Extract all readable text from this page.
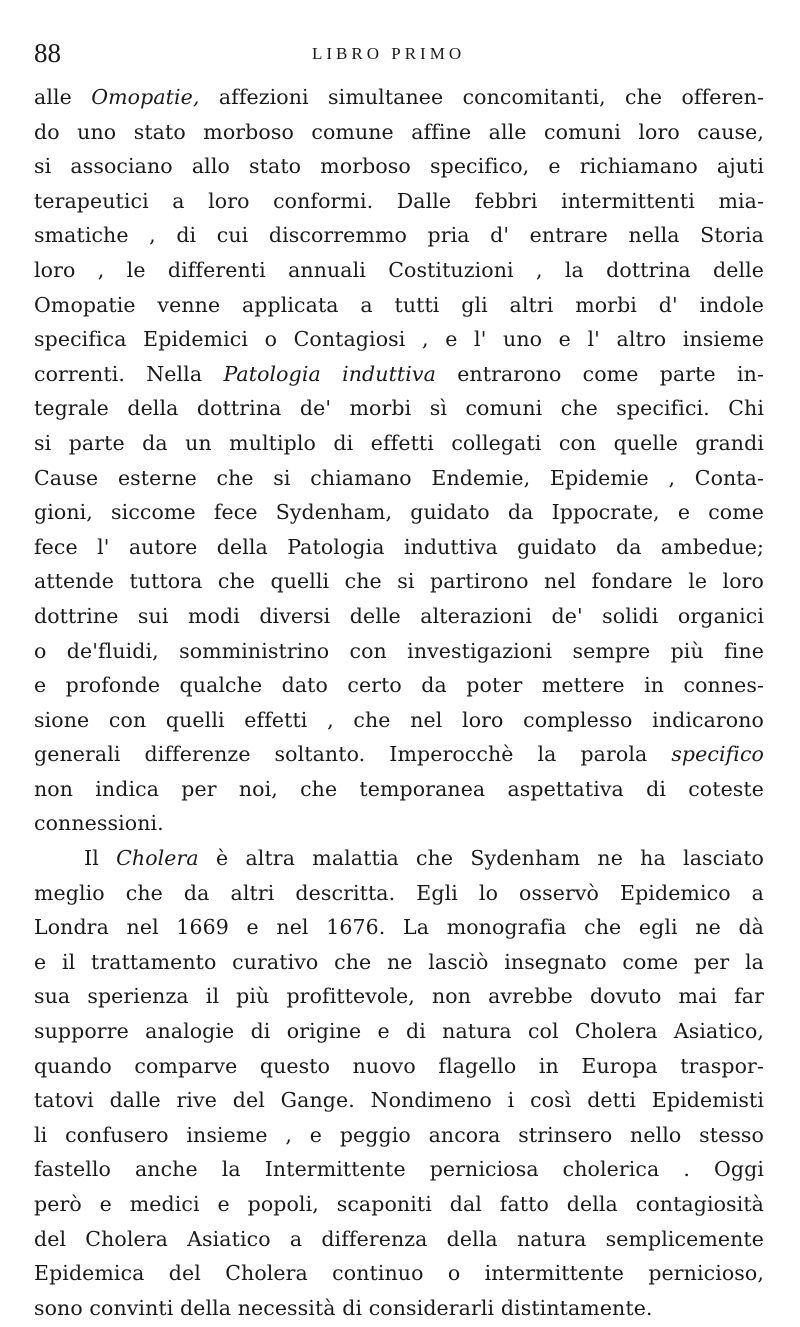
88	LIBRO PRIMO
alle Omopatie, affezioni simultanee concomitanti, che offeren-
do uno stato morboso comune affine alle comuni loro cause,
si associano allo stato morboso specifico, e richiamano ajuti
terapeutici a loro conformi. Dalle febbri intermittenti mia-
smatiche , di cui discorremmo pria d' entrare nella Storia
loro , le differenti annuali Costituzioni , la dottrina delle
Omopatie venne applicata a tutti gli altri morbi d' indole
specifica Epidemici o Contagiosi , e l' uno e l' altro insieme
correnti. Nella Patologia induttiva entrarono come parte in-
tegrale della dottrina de' morbi sì comuni che specifici. Chi
si parte da un multiplo di effetti collegati con quelle grandi
Cause esterne che si chiamano Endemie, Epidemie , Conta-
gioni, siccome fece Sydenham, guidato da Ippocrate, e come
fece l' autore della Patologia induttiva guidato da ambedue;
attende tuttora che quelli che si partirono nel fondare le loro
dottrine sui modi diversi delle alterazioni de' solidi organici
o de'fluidi, somministrino con investigazioni sempre più fine
e profonde qualche dato certo da poter mettere in connes-
sione con quelli effetti , che nel loro complesso indicarono
generali differenze soltanto. Imperocchè la parola specifico
non indica per noi, che temporanea aspettativa di coteste
connessioni.
Il Cholera è altra malattia che Sydenham ne ha lasciato
meglio che da altri descritta. Egli lo osservò Epidemico a
Londra nel 1669 e nel 1676. La monografia che egli ne dà
e il trattamento curativo che ne lasciò insegnato come per la
sua sperienza il più profittevole, non avrebbe dovuto mai far
supporre analogie di origine e di natura col Cholera Asiatico,
quando comparve questo nuovo flagello in Europa traspor-
tatovi dalle rive del Gange. Nondimeno i così detti Epidemisti
li confusero insieme , e peggio ancora strinsero nello stesso
fastello anche la Intermittente perniciosa cholerica . Oggi
però e medici e popoli, scaponiti dal fatto della contagiosità
del Cholera Asiatico a differenza della natura semplicemente
Epidemica del Cholera continuo o intermittente pernicioso,
sono convinti della necessità di considerarli distintamente.
